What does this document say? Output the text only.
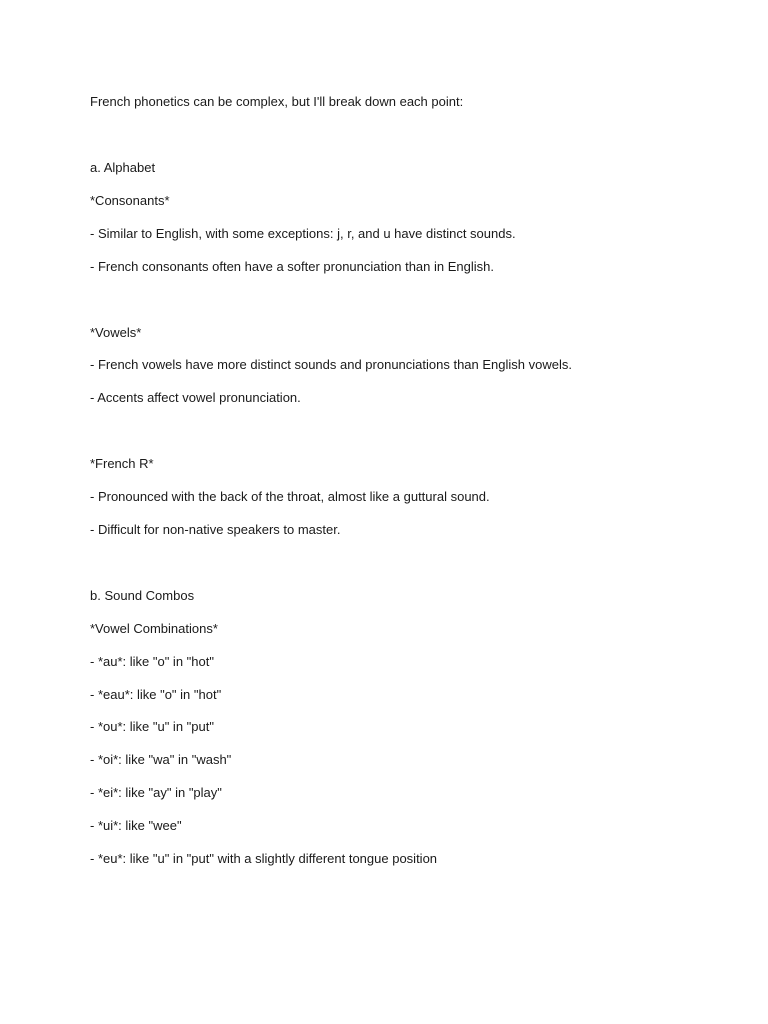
French phonetics can be complex, but I'll break down each point:
a. Alphabet
*Consonants*
- Similar to English, with some exceptions: j, r, and u have distinct sounds.
- French consonants often have a softer pronunciation than in English.
*Vowels*
- French vowels have more distinct sounds and pronunciations than English vowels.
- Accents affect vowel pronunciation.
*French R*
- Pronounced with the back of the throat, almost like a guttural sound.
- Difficult for non-native speakers to master.
b. Sound Combos
*Vowel Combinations*
- *au*: like "o" in "hot"
- *eau*: like "o" in "hot"
- *ou*: like "u" in "put"
- *oi*: like "wa" in "wash"
- *ei*: like "ay" in "play"
- *ui*: like "wee"
- *eu*: like "u" in "put" with a slightly different tongue position
